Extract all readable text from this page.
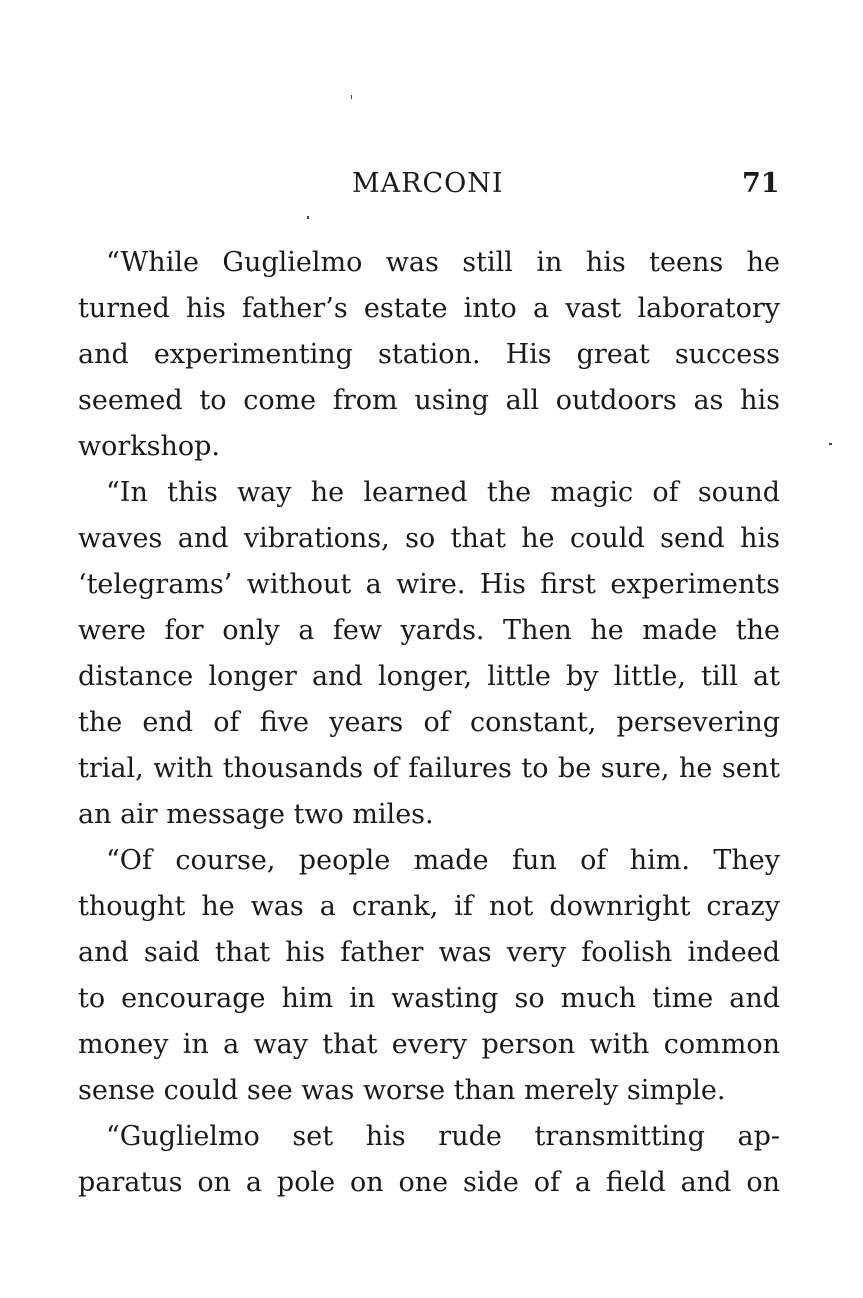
MARCONI	71
“While Guglielmo was still in his teens he
turned his father’s estate into a vast laboratory
and experimenting station. His great success
seemed to come from using all outdoors as his
workshop.
“In this way he learned the magic of sound
waves and vibrations, so that he could send his
‘telegrams’ without a wire. His first experiments
were for only a few yards. Then he made the
distance longer and longer, little by little, till at
the end of five years of constant, persevering
trial, with thousands of failures to be sure, he sent
an air message two miles.
“Of course, people made fun of him. They
thought he was a crank, if not downright crazy
and said that his father was very foolish indeed
to encourage him in wasting so much time and
money in a way that every person with common
sense could see was worse than merely simple.
“Guglielmo set his rude transmitting ap-
paratus on a pole on one side of a field and on
